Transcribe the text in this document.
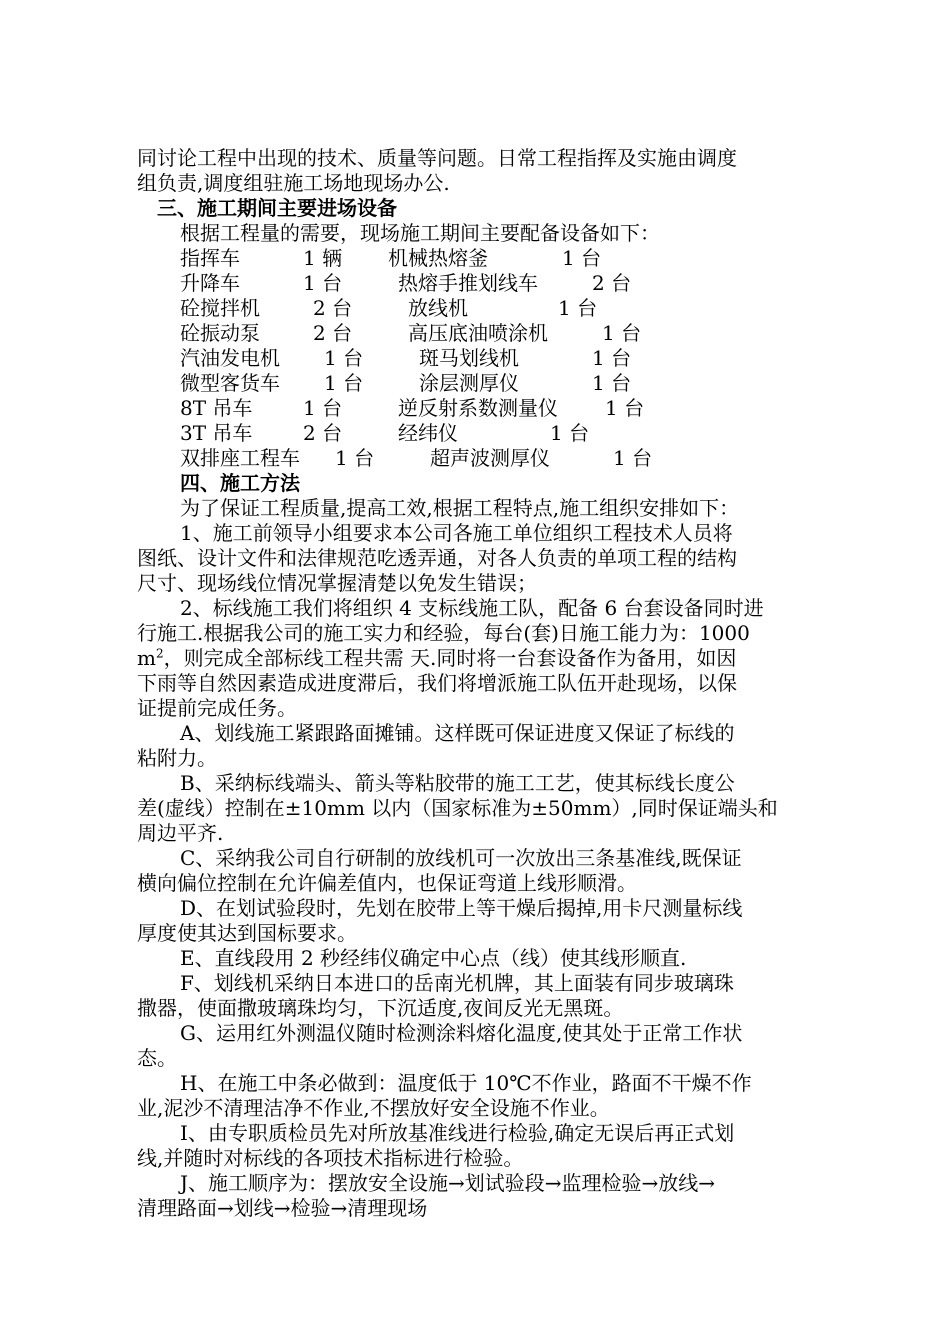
同讨论工程中出现的技术、质量等问题。日常工程指挥及实施由调度
组负责,调度组驻施工场地现场办公.
三、施工期间主要进场设备
根据工程量的需要，现场施工期间主要配备设备如下：
指挥车	1 辆 机械热熔釜	1 台
升降车	1 台	热熔手推划线车	2 台
砼搅拌机	2 台	放线机	1 台
砼振动泵	2 台	高压底油喷涂机	1 台
汽油发电机 1 台	斑马划线机	1 台
微型客货车 1 台	涂层测厚仪	1 台
8T 吊车	1 台	逆反射系数测量仪 1 台
3T 吊车	2 台	经纬仪	1 台
双排座工程车 1 台	超声波测厚仪	1 台
四、施工方法
为了保证工程质量,提高工效,根据工程特点,施工组织安排如下：
1、施工前领导小组要求本公司各施工单位组织工程技术人员将
图纸、设计文件和法律规范吃透弄通，对各人负责的单项工程的结构
尺寸、现场线位情况掌握清楚以免发生错误；
2、标线施工我们将组织 4 支标线施工队，配备 6 台套设备同时进
行施工.根据我公司的施工实力和经验，每台(套)日施工能力为：1000
$m^2$，则完成全部标线工程共需 天.同时将一台套设备作为备用，如因
下雨等自然因素造成进度滞后，我们将增派施工队伍开赴现场，以保
证提前完成任务。
A、划线施工紧跟路面摊铺。这样既可保证进度又保证了标线的
粘附力。
B、采纳标线端头、箭头等粘胶带的施工工艺，使其标线长度公
差(虚线）控制在±10mm 以内（国家标准为±50mm）,同时保证端头和
周边平齐.
C、采纳我公司自行研制的放线机可一次放出三条基准线,既保证
横向偏位控制在允许偏差值内，也保证弯道上线形顺滑。
D、在划试验段时，先划在胶带上等干燥后揭掉,用卡尺测量标线
厚度使其达到国标要求。
E、直线段用 2 秒经纬仪确定中心点（线）使其线形顺直.
F、划线机采纳日本进口的岳南光机牌，其上面装有同步玻璃珠
撒器，使面撒玻璃珠均匀，下沉适度,夜间反光无黑斑。
G、运用红外测温仪随时检测涂料熔化温度,使其处于正常工作状
态。
H、在施工中条必做到：温度低于 10℃不作业，路面不干燥不作
业,泥沙不清理洁净不作业,不摆放好安全设施不作业。
I、由专职质检员先对所放基准线进行检验,确定无误后再正式划
线,并随时对标线的各项技术指标进行检验。
J、施工顺序为：摆放安全设施→划试验段→监理检验→放线→
清理路面→划线→检验→清理现场
